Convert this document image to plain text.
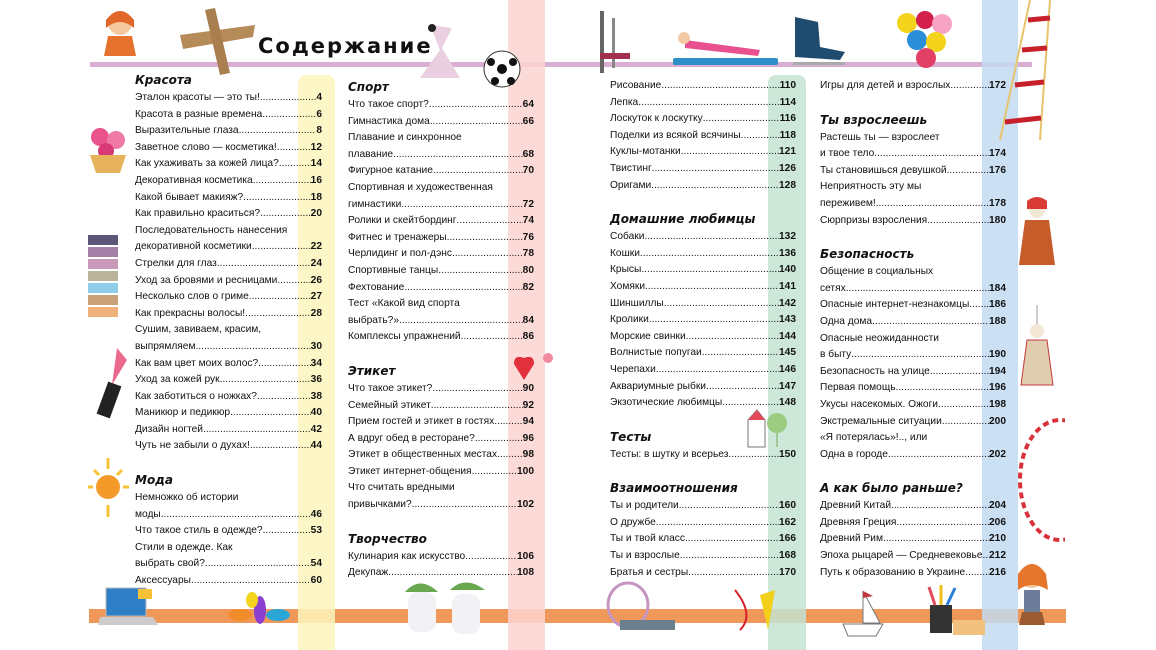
Содержание
Красота
Эталон красоты — это ты! .....	4
Красота в разные времена .....	6
Выразительные глаза .....	8
Заветное слово — косметика! .....	12
Как ухаживать за кожей лица? .....	14
Декоративная косметика .....	16
Какой бывает макияж? .....	18
Как правильно краситься? .....	20
Последовательность нанесения
декоративной косметики .....	22
Стрелки для глаз .....	24
Уход за бровями и ресницами .....	26
Несколько слов о гриме .....	27
Как прекрасны волосы! .....	28
Сушим, завиваем, красим,
выпрямляем .....	30
Как вам цвет моих волос? .....	34
Уход за кожей рук .....	36
Как заботиться о ножках? .....	38
Маникюр и педикюр .....	40
Дизайн ногтей .....	42
Чуть не забыли о духах! .....	44
Мода
Немножко об истории
моды .....	46
Что такое стиль в одежде? .....	53
Стили в одежде. Как
выбрать свой? .....	54
Аксессуары .....	60
Спорт
Что такое спорт? .....	64
Гимнастика дома .....	66
Плавание и синхронное
плавание .....	68
Фигурное катание .....	70
Спортивная и художественная
гимнастики .....	72
Ролики и скейтбординг .....	74
Фитнес и тренажеры .....	76
Черлидинг и пол-дэнс .....	78
Спортивные танцы .....	80
Фехтование .....	82
Тест «Какой вид спорта
выбрать?» .....	84
Комплексы упражнений .....	86
Этикет
Что такое этикет? .....	90
Семейный этикет .....	92
Прием гостей и этикет в гостях .....	94
А вдруг обед в ресторане? .....	96
Этикет в общественных местах .....	98
Этикет интернет-общения .....	100
Что считать вредными
привычками? .....	102
Творчество
Кулинария как искусство .....	106
Декупаж .....	108
Рисование .....	110
Лепка .....	114
Лоскуток к лоскутку .....	116
Поделки из всякой всячины .....	118
Куклы-мотанки .....	121
Твистинг .....	126
Оригами .....	128
Домашние любимцы
Собаки .....	132
Кошки .....	136
Крысы .....	140
Хомяки .....	141
Шиншиллы .....	142
Кролики .....	143
Морские свинки .....	144
Волнистые попугаи .....	145
Черепахи .....	146
Аквариумные рыбки .....	147
Экзотические любимцы .....	148
Тесты
Тесты: в шутку и всерьез .....	150
Взаимоотношения
Ты и родители .....	160
О дружбе .....	162
Ты и твой класс .....	166
Ты и взрослые .....	168
Братья и сестры .....	170
Игры для детей и взрослых .....	172
Ты взрослеешь
Растешь ты — взрослеет
и твое тело .....	174
Ты становишься девушкой .....	176
Неприятность эту мы
переживем! .....	178
Сюрпризы взросления .....	180
Безопасность
Общение в социальных
сетях .....	184
Опасные интернет-незнакомцы ..... 186
Одна дома .....	188
Опасные неожиданности
в быту .....	190
Безопасность на улице .....	194
Первая помощь .....	196
Укусы насекомых. Ожоги .....	198
Экстремальные ситуации .....	200
«Я потерялась»!.., или
Одна в городе .....	202
А как было раньше?
Древний Китай .....	204
Древняя Греция .....	206
Древний Рим .....	210
Эпоха рыцарей — Средневековье ..... 212
Путь к образованию в Украине ..... 216
